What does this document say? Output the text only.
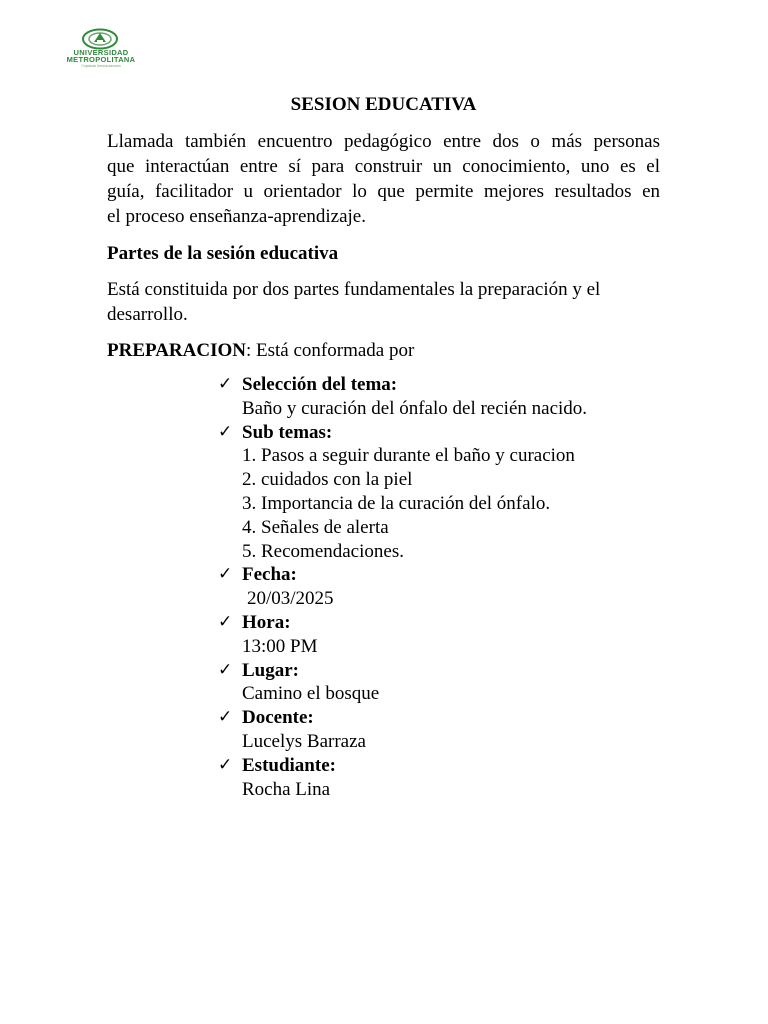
UNIVERSIDAD
METROPOLITANA
Copiando Innova-sección
SESION EDUCATIVA
Llamada también encuentro pedagógico entre dos o más personas
que interactúan entre sí para construir un conocimiento, uno es el
guía, facilitador u orientador lo que permite mejores resultados en
el proceso enseñanza-aprendizaje.
Partes de la sesión educativa
Está constituida por dos partes fundamentales la preparación y el
desarrollo.
PREPARACION: Está conformada por
✓ Selección del tema:
Baño y curación del ónfalo del recién nacido.
✓ Sub temas:
1. Pasos a seguir durante el baño y curacion
2. cuidados con la piel
3. Importancia de la curación del ónfalo.
4. Señales de alerta
5. Recomendaciones.
✓ Fecha:
20/03/2025
✓ Hora:
13:00 PM
✓ Lugar:
Camino el bosque
✓ Docente:
Lucelys Barraza
✓ Estudiante:
Rocha Lina
